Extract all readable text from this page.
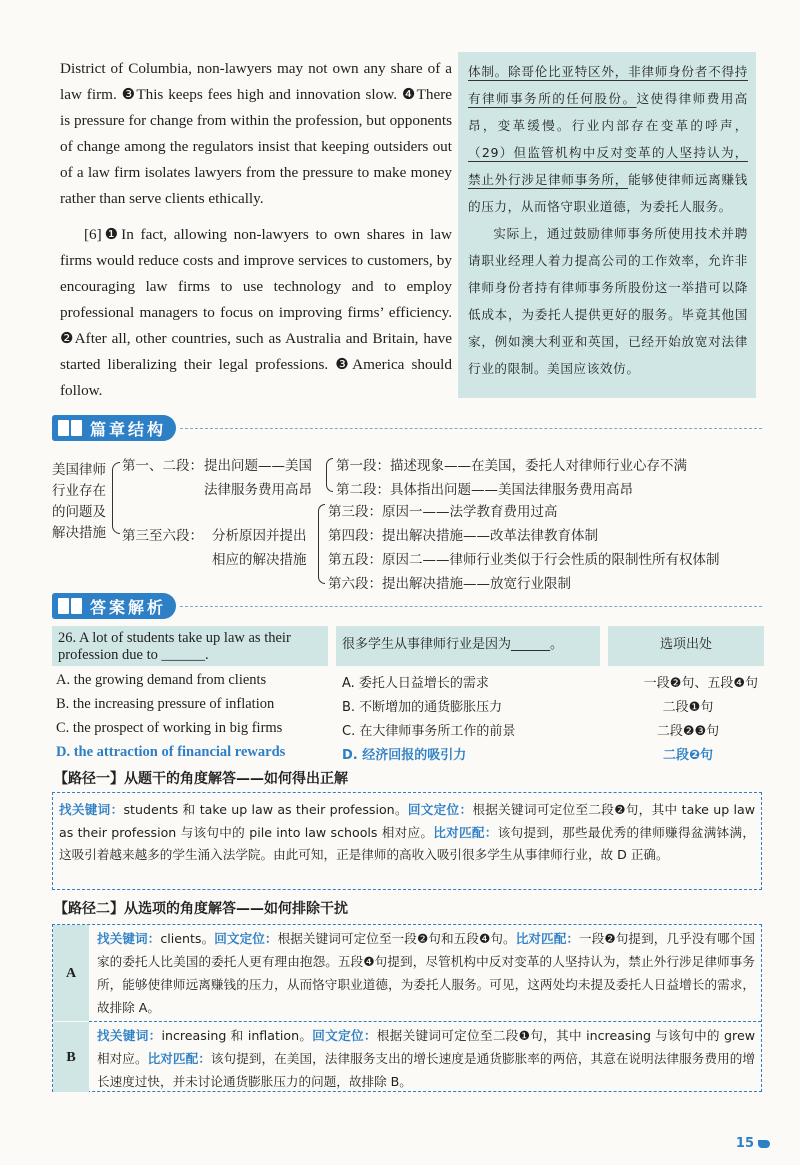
District of Columbia, non-lawyers may not own any share of a law firm. ❸This keeps fees high and innovation slow. ❹There is pressure for change from within the profession, but opponents of change among the regulators insist that keeping outsiders out of a law firm isolates lawyers from the pressure to make money rather than serve clients ethically.

[6]❶In fact, allowing non-lawyers to own shares in law firms would reduce costs and improve services to customers, by encouraging law firms to use technology and to employ professional managers to focus on improving firms’ efficiency. ❷After all, other countries, such as Australia and Britain, have started liberalizing their legal professions. ❸America should follow.

体制。除哥伦比亚特区外，非律师身份者不得持有律师事务所的任何股份。这使得律师费用高昂，变革缓慢。行业内部存在变革的呼声，（29）但监管机构中反对变革的人坚持认为，禁止外行涉足律师事务所，能够使律师远离赚钱的压力，从而恪守职业道德，为委托人服务。

实际上，通过鼓励律师事务所使用技术并聘请职业经理人着力提高公司的工作效率，允许非律师身份者持有律师事务所股份这一举措可以降低成本，为委托人提供更好的服务。毕竟其他国家，例如澳大利亚和英国，已经开始放宽对法律行业的限制。美国应该效仿。

篇章结构
美国律师行业存在的问题及解决措施
第一、二段： 提出问题——美国
法律服务费用高昂
第一段：描述现象——在美国，委托人对律师行业心存不满
第二段：具体指出问题——美国法律服务费用高昂
第三至六段： 分析原因并提出
相应的解决措施
第三段：原因一——法学教育费用过高
第四段：提出解决措施——改革法律教育体制
第五段：原因二——律师行业类似于行会性质的限制性所有权体制
第六段：提出解决措施——放宽行业限制
答案解析
26. A lot of students take up law as their profession due to ______.
很多学生从事律师行业是因为______。	选项出处
A. the growing demand from clients	A. 委托人日益增长的需求	一段❷句、五段❹句
B. the increasing pressure of inflation	B. 不断增加的通货膨胀压力	二段❶句
C. the prospect of working in big firms	C. 在大律师事务所工作的前景	二段❷❸句
D. the attraction of financial rewards	D. 经济回报的吸引力	二段❷句
【路径一】从题干的角度解答——如何得出正解
找关键词：students 和 take up law as their profession。回文定位：根据关键词可定位至二段❷句，其中 take up law as their profession 与该句中的 pile into law schools 相对应。比对匹配：该句提到，那些最优秀的律师赚得盆满钵满，这吸引着越来越多的学生涌入法学院。由此可知，正是律师的高收入吸引很多学生从事律师行业，故 D 正确。
【路径二】从选项的角度解答——如何排除干扰
A
找关键词：clients。回文定位：根据关键词可定位至一段❷句和五段❹句。比对匹配：一段❷句提到，几乎没有哪个国家的委托人比美国的委托人更有理由抱怨。五段❹句提到，尽管机构中反对变革的人坚持认为，禁止外行涉足律师事务所，能够使律师远离赚钱的压力，从而恪守职业道德，为委托人服务。可见，这两处均未提及委托人日益增长的需求，故排除 A。
B
找关键词：increasing 和 inflation。回文定位：根据关键词可定位至二段❶句，其中 increasing 与该句中的 grew 相对应。比对匹配：该句提到，在美国，法律服务支出的增长速度是通货膨胀率的两倍，其意在说明法律服务费用的增长速度过快，并未讨论通货膨胀压力的问题，故排除 B。
15
